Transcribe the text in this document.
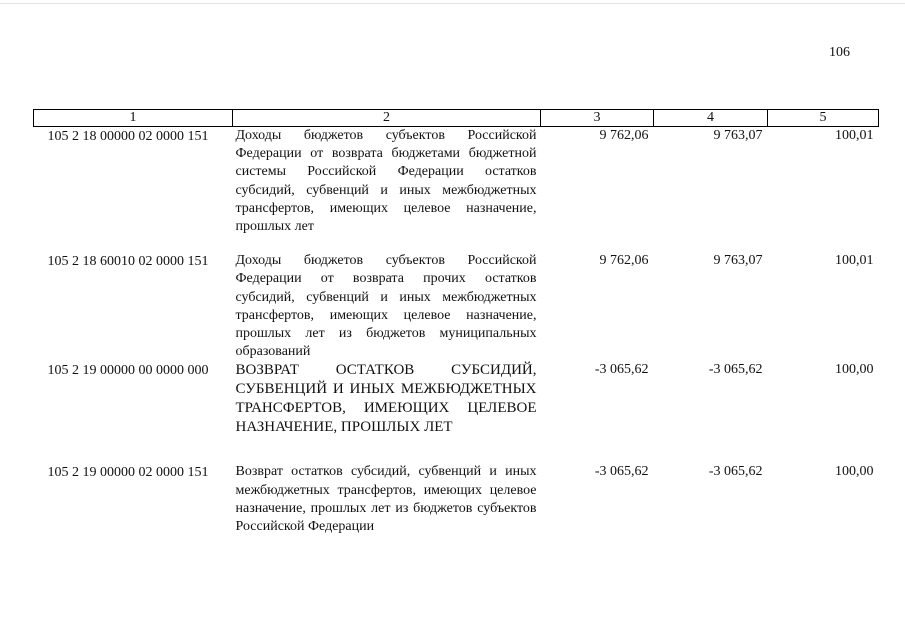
106
1	2	3	4	5
105 2 18 00000 02 0000 151	Доходы бюджетов субъектов Российской Федерации от возврата бюджетами бюджетной системы Российской Федерации остатков субсидий, субвенций и иных межбюджетных трансфертов, имеющих целевое назначение, прошлых лет	9 762,06	9 763,07	100,01
105 2 18 60010 02 0000 151	Доходы бюджетов субъектов Российской Федерации от возврата прочих остатков субсидий, субвенций и иных межбюджетных трансфертов, имеющих целевое назначение, прошлых лет из бюджетов муниципальных образований	9 762,06	9 763,07	100,01
105 2 19 00000 00 0000 000	ВОЗВРАТ ОСТАТКОВ СУБСИДИЙ, СУБВЕНЦИЙ И ИНЫХ МЕЖБЮДЖЕТНЫХ ТРАНСФЕРТОВ, ИМЕЮЩИХ ЦЕЛЕВОЕ НАЗНАЧЕНИЕ, ПРОШЛЫХ ЛЕТ	-3 065,62	-3 065,62	100,00
105 2 19 00000 02 0000 151	Возврат остатков субсидий, субвенций и иных межбюджетных трансфертов, имеющих целевое назначение, прошлых лет из бюджетов субъектов Российской Федерации	-3 065,62	-3 065,62	100,00
